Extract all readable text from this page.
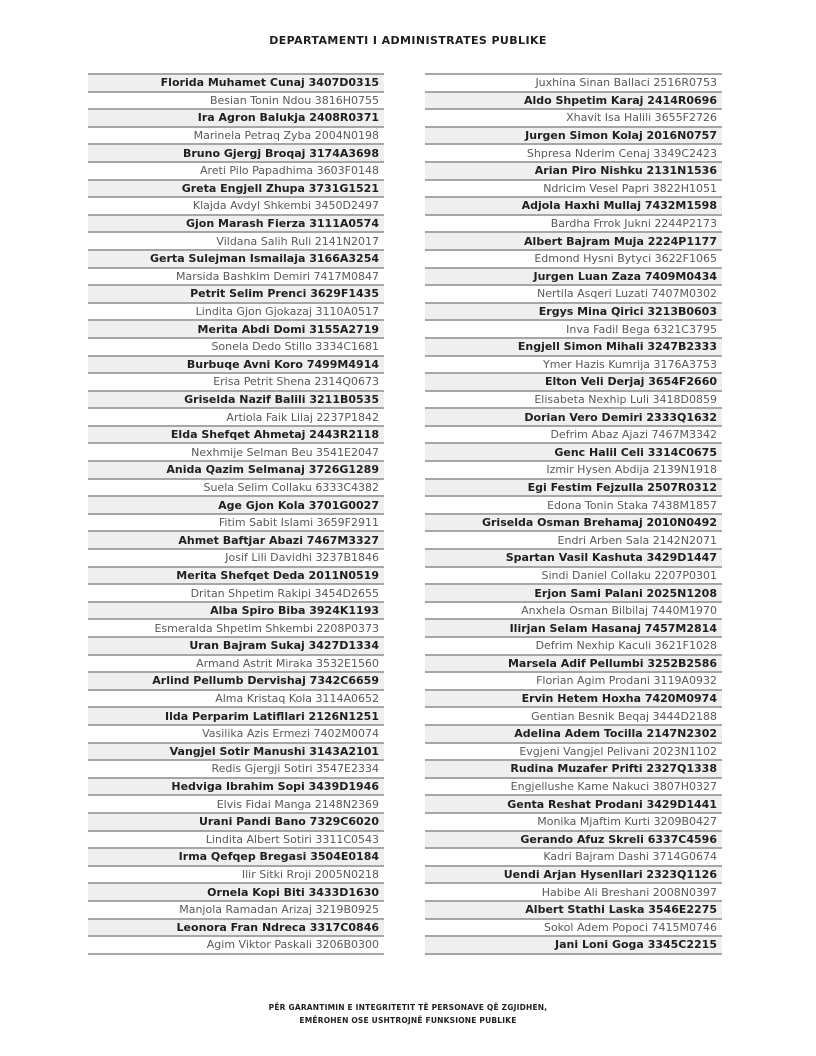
DEPARTAMENTI I ADMINISTRATES PUBLIKE
Florida Muhamet Cunaj 3407D0315
Besian Tonin Ndou 3816H0755
Ira Agron Balukja 2408R0371
Marinela Petraq Zyba 2004N0198
Bruno Gjergj Broqaj 3174A3698
Areti Pilo Papadhima 3603F0148
Greta Engjell Zhupa 3731G1521
Klajda Avdyl Shkembi 3450D2497
Gjon Marash Fierza 3111A0574
Vildana Salih Ruli 2141N2017
Gerta Sulejman Ismailaja 3166A3254
Marsida Bashkim Demiri 7417M0847
Petrit Selim Prenci 3629F1435
Lindita Gjon Gjokazaj 3110A0517
Merita Abdi Domi 3155A2719
Sonela Dedo Stillo 3334C1681
Burbuqe Avni Koro 7499M4914
Erisa Petrit Shena 2314Q0673
Griselda Nazif Balili 3211B0535
Artiola Faik Lilaj 2237P1842
Elda Shefqet Ahmetaj 2443R2118
Nexhmije Selman Beu 3541E2047
Anida Qazim Selmanaj 3726G1289
Suela Selim Collaku 6333C4382
Age Gjon Kola 3701G0027
Fitim Sabit Islami 3659F2911
Ahmet Baftjar Abazi 7467M3327
Josif Lili Davidhi 3237B1846
Merita Shefqet Deda 2011N0519
Dritan Shpetim Rakipi 3454D2655
Alba Spiro Biba 3924K1193
Esmeralda Shpetim Shkembi 2208P0373
Uran Bajram Sukaj 3427D1334
Armand Astrit Miraka 3532E1560
Arlind Pellumb Dervishaj 7342C6659
Alma Kristaq Kola 3114A0652
Ilda Perparim Latifllari 2126N1251
Vasilika Azis Ermezi 7402M0074
Vangjel Sotir Manushi 3143A2101
Redis Gjergji Sotiri 3547E2334
Hedviga Ibrahim Sopi 3439D1946
Elvis Fidai Manga 2148N2369
Urani Pandi Bano 7329C6020
Lindita Albert Sotiri 3311C0543
Irma Qefqep Bregasi 3504E0184
Ilir Sitki Rroji 2005N0218
Ornela Kopi Biti 3433D1630
Manjola Ramadan Arizaj 3219B0925
Leonora Fran Ndreca 3317C0846
Agim Viktor Paskali 3206B0300
Juxhina Sinan Ballaci 2516R0753
Aldo Shpetim Karaj 2414R0696
Xhavit Isa Halili 3655F2726
Jurgen Simon Kolaj 2016N0757
Shpresa Nderim Cenaj 3349C2423
Arian Piro Nishku 2131N1536
Ndricim Vesel Papri 3822H1051
Adjola Haxhi Mullaj 7432M1598
Bardha Frrok Jukni 2244P2173
Albert Bajram Muja 2224P1177
Edmond Hysni Bytyci 3622F1065
Jurgen Luan Zaza 7409M0434
Nertila Asqeri Luzati 7407M0302
Ergys Mina Qirici 3213B0603
Inva Fadil Bega 6321C3795
Engjell Simon Mihali 3247B2333
Ymer Hazis Kumrija 3176A3753
Elton Veli Derjaj 3654F2660
Elisabeta Nexhip Luli 3418D0859
Dorian Vero Demiri 2333Q1632
Defrim Abaz Ajazi 7467M3342
Genc Halil Celi 3314C0675
Izmir Hysen Abdija 2139N1918
Egi Festim Fejzulla 2507R0312
Edona Tonin Staka 7438M1857
Griselda Osman Brehamaj 2010N0492
Endri Arben Sala 2142N2071
Spartan Vasil Kashuta 3429D1447
Sindi Daniel Collaku 2207P0301
Erjon Sami Palani 2025N1208
Anxhela Osman Bilbilaj 7440M1970
Ilirjan Selam Hasanaj 7457M2814
Defrim Nexhip Kaculi 3621F1028
Marsela Adif Pellumbi 3252B2586
Florian Agim Prodani 3119A0932
Ervin Hetem Hoxha 7420M0974
Gentian Besnik Beqaj 3444D2188
Adelina Adem Tocilla 2147N2302
Evgjeni Vangjel Pelivani 2023N1102
Rudina Muzafer Prifti 2327Q1338
Engjellushe Kame Nakuci 3807H0327
Genta Reshat Prodani 3429D1441
Monika Mjaftim Kurti 3209B0427
Gerando Afuz Skreli 6337C4596
Kadri Bajram Dashi 3714G0674
Uendi Arjan Hysenllari 2323Q1126
Habibe Ali Breshani 2008N0397
Albert Stathi Laska 3546E2275
Sokol Adem Popoci 7415M0746
Jani Loni Goga 3345C2215
PËR GARANTIMIN E INTEGRITETIT TË PERSONAVE QË ZGJIDHEN,
EMËROHEN OSE USHTROJNË FUNKSIONE PUBLIKE
